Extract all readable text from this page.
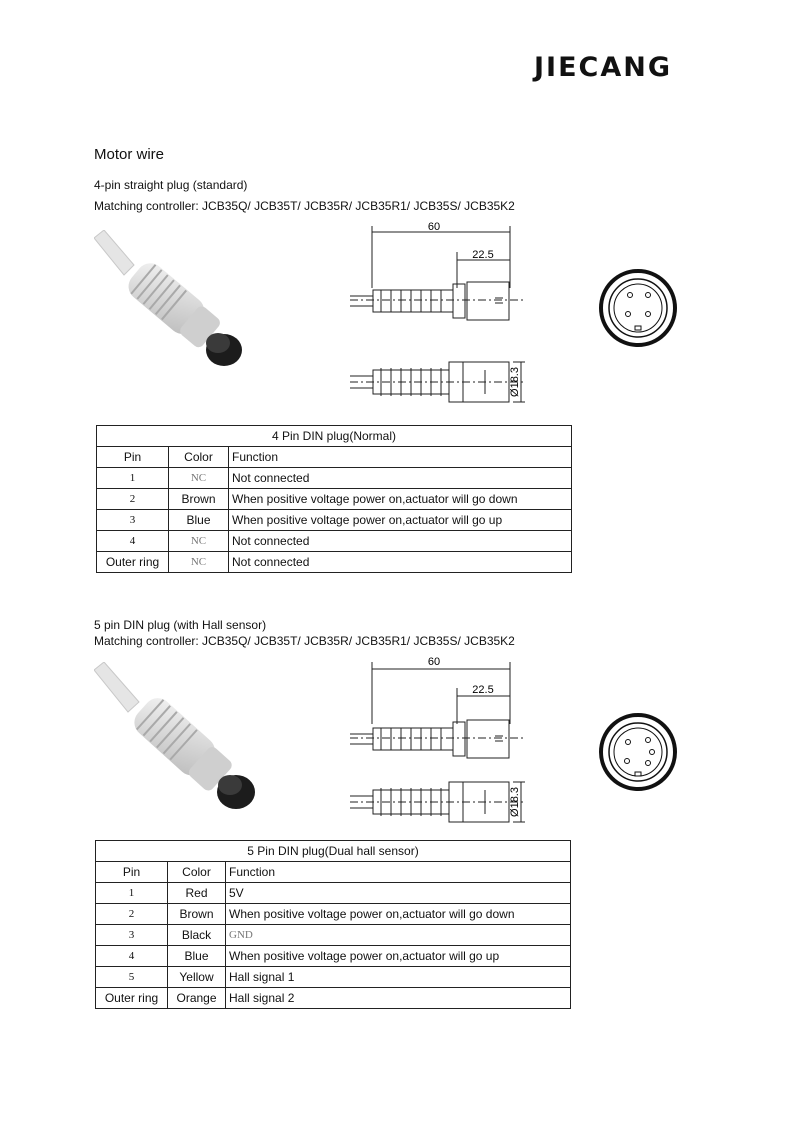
JIECANG
Motor wire
4-pin straight plug (standard)
Matching controller: JCB35Q/ JCB35T/ JCB35R/ JCB35R1/ JCB35S/ JCB35K2
60
22.5
Ø18.3
4 Pin DIN plug(Normal)		
Pin	Color	Function
1	NC	Not connected
2	Brown	When positive voltage power on,actuator will go down
3	Blue	When positive voltage power on,actuator will go up
4	NC	Not connected
Outer ring	NC	Not connected
5 pin DIN plug (with Hall sensor)
Matching controller: JCB35Q/ JCB35T/ JCB35R/ JCB35R1/ JCB35S/ JCB35K2
60
22.5
Ø18.3
5 Pin DIN plug(Dual hall sensor)		
Pin	Color	Function
1	Red	5V
2	Brown	When positive voltage power on,actuator will go down
3	Black	GND
4	Blue	When positive voltage power on,actuator will go up
5	Yellow	Hall signal 1
Outer ring	Orange	Hall signal 2
